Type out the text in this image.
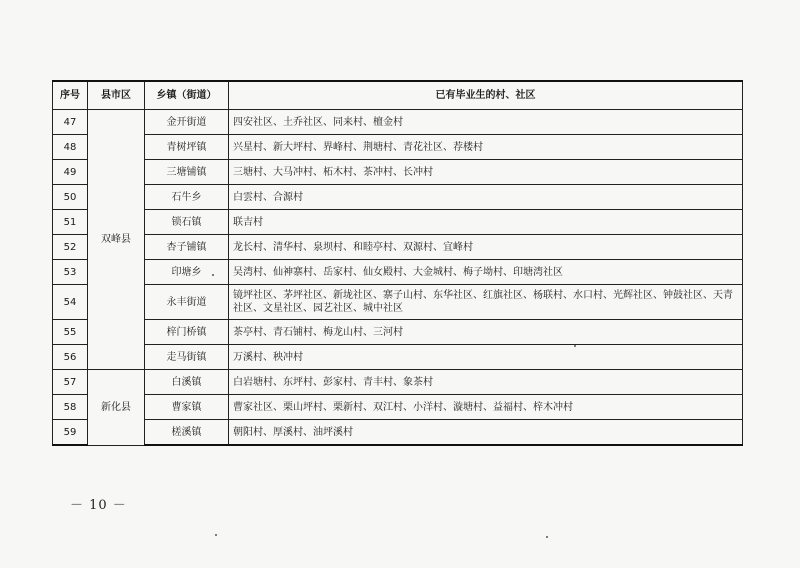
序号	县市区	乡镇（街道）	已有毕业生的村、社区
47	双峰县	金开街道	四安社区、土乔社区、同来村、檀金村
48		青树坪镇	兴星村、新大坪村、界峰村、荆塘村、青花社区、荐楼村
49		三塘铺镇	三塘村、大马冲村、柘木村、茶冲村、长冲村
50		石牛乡	白雲村、合源村
51		锁石镇	联吉村
52		杏子铺镇	龙长村、清华村、泉坝村、和睦亭村、双源村、宜峰村
53		印塘乡	吴湾村、仙神寨村、岳家村、仙女殿村、大金城村、梅子坳村、印塘湾社区
54		永丰街道	镜坪社区、茅坪社区、新垅社区、寨子山村、东华社区、红旗社区、杨联村、水口村、光辉社区、钟鼓社区、天青社区、文星社区、园艺社区、城中社区
55		梓门桥镇	茶亭村、青石铺村、梅龙山村、三河村
56		走马街镇	万溪村、秧冲村
57	新化县	白溪镇	白岩塘村、东坪村、彭家村、青丰村、象茶村
58		曹家镇	曹家社区、栗山坪村、栗新村、双江村、小洋村、漩塘村、益福村、梓木冲村
59		槎溪镇	朝阳村、厚溪村、油坪溪村
－ 10 －
